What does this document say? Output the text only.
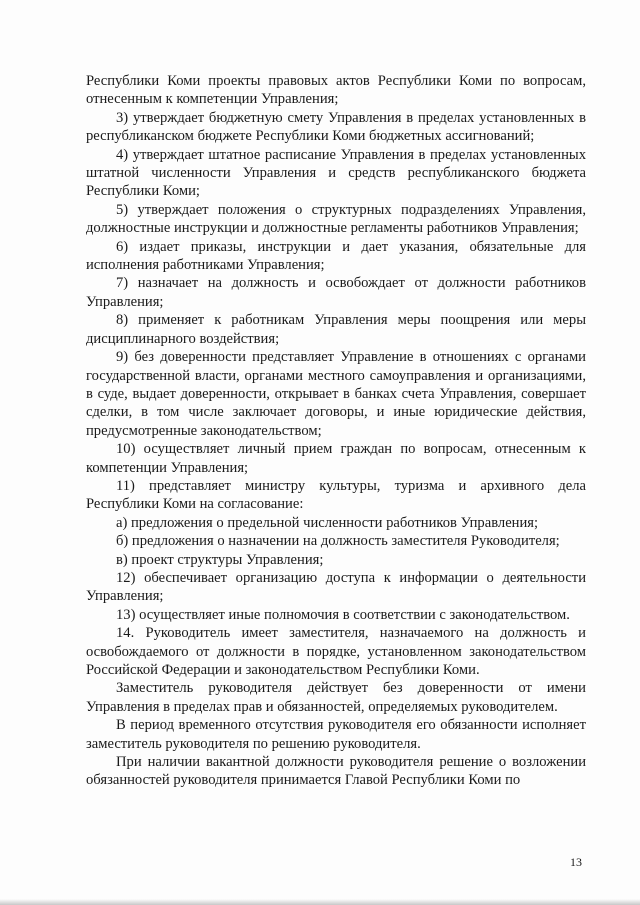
Республики Коми проекты правовых актов Республики Коми по вопросам, отнесенным к компетенции Управления;

3) утверждает бюджетную смету Управления в пределах установленных в республиканском бюджете Республики Коми бюджетных ассигнований;

4) утверждает штатное расписание Управления в пределах установленных штатной численности Управления и средств республиканского бюджета Республики Коми;

5) утверждает положения о структурных подразделениях Управления, должностные инструкции и должностные регламенты работников Управления;

6) издает приказы, инструкции и дает указания, обязательные для исполнения работниками Управления;

7) назначает на должность и освобождает от должности работников Управления;

8) применяет к работникам Управления меры поощрения или меры дисциплинарного воздействия;

9) без доверенности представляет Управление в отношениях с органами государственной власти, органами местного самоуправления и организациями, в суде, выдает доверенности, открывает в банках счета Управления, совершает сделки, в том числе заключает договоры, и иные юридические действия, предусмотренные законодательством;

10) осуществляет личный прием граждан по вопросам, отнесенным к компетенции Управления;

11) представляет министру культуры, туризма и архивного дела Республики Коми на согласование:

а) предложения о предельной численности работников Управления;

б) предложения о назначении на должность заместителя Руководителя;

в) проект структуры Управления;

12) обеспечивает организацию доступа к информации о деятельности Управления;

13) осуществляет иные полномочия в соответствии с законодательством.

14. Руководитель имеет заместителя, назначаемого на должность и освобождаемого от должности в порядке, установленном законодательством Российской Федерации и законодательством Республики Коми.

Заместитель руководителя действует без доверенности от имени Управления в пределах прав и обязанностей, определяемых руководителем.

В период временного отсутствия руководителя его обязанности исполняет заместитель руководителя по решению руководителя.

При наличии вакантной должности руководителя решение о возложении обязанностей руководителя принимается Главой Республики Коми по

13
